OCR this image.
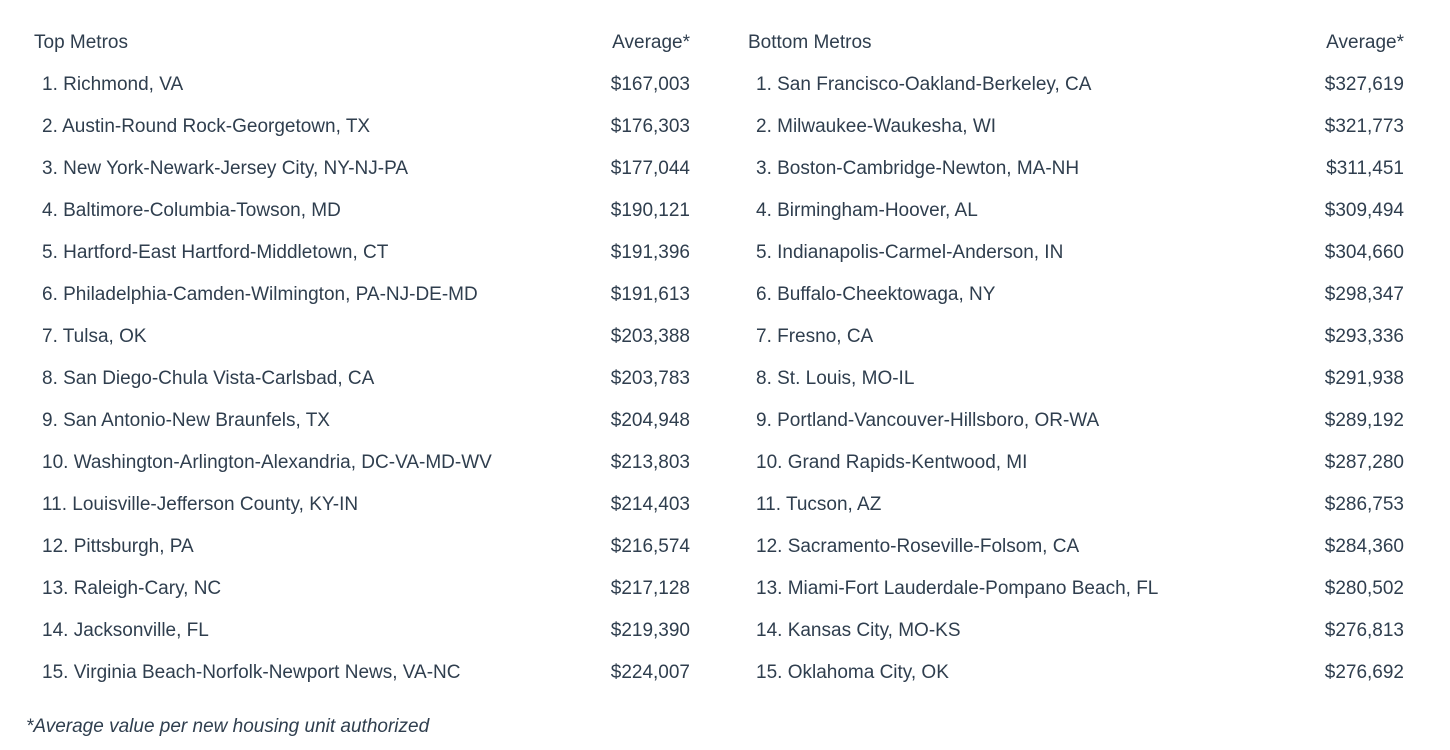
Top Metros	Average*
1. Richmond, VA	$167,003
2. Austin-Round Rock-Georgetown, TX	$176,303
3. New York-Newark-Jersey City, NY-NJ-PA	$177,044
4. Baltimore-Columbia-Towson, MD	$190,121
5. Hartford-East Hartford-Middletown, CT	$191,396
6. Philadelphia-Camden-Wilmington, PA-NJ-DE-MD	$191,613
7. Tulsa, OK	$203,388
8. San Diego-Chula Vista-Carlsbad, CA	$203,783
9. San Antonio-New Braunfels, TX	$204,948
10. Washington-Arlington-Alexandria, DC-VA-MD-WV	$213,803
11. Louisville-Jefferson County, KY-IN	$214,403
12. Pittsburgh, PA	$216,574
13. Raleigh-Cary, NC	$217,128
14. Jacksonville, FL	$219,390
15. Virginia Beach-Norfolk-Newport News, VA-NC	$224,007
Bottom Metros	Average*
1. San Francisco-Oakland-Berkeley, CA	$327,619
2. Milwaukee-Waukesha, WI	$321,773
3. Boston-Cambridge-Newton, MA-NH	$311,451
4. Birmingham-Hoover, AL	$309,494
5. Indianapolis-Carmel-Anderson, IN	$304,660
6. Buffalo-Cheektowaga, NY	$298,347
7. Fresno, CA	$293,336
8. St. Louis, MO-IL	$291,938
9. Portland-Vancouver-Hillsboro, OR-WA	$289,192
10. Grand Rapids-Kentwood, MI	$287,280
11. Tucson, AZ	$286,753
12. Sacramento-Roseville-Folsom, CA	$284,360
13. Miami-Fort Lauderdale-Pompano Beach, FL	$280,502
14. Kansas City, MO-KS	$276,813
15. Oklahoma City, OK	$276,692
*Average value per new housing unit authorized
